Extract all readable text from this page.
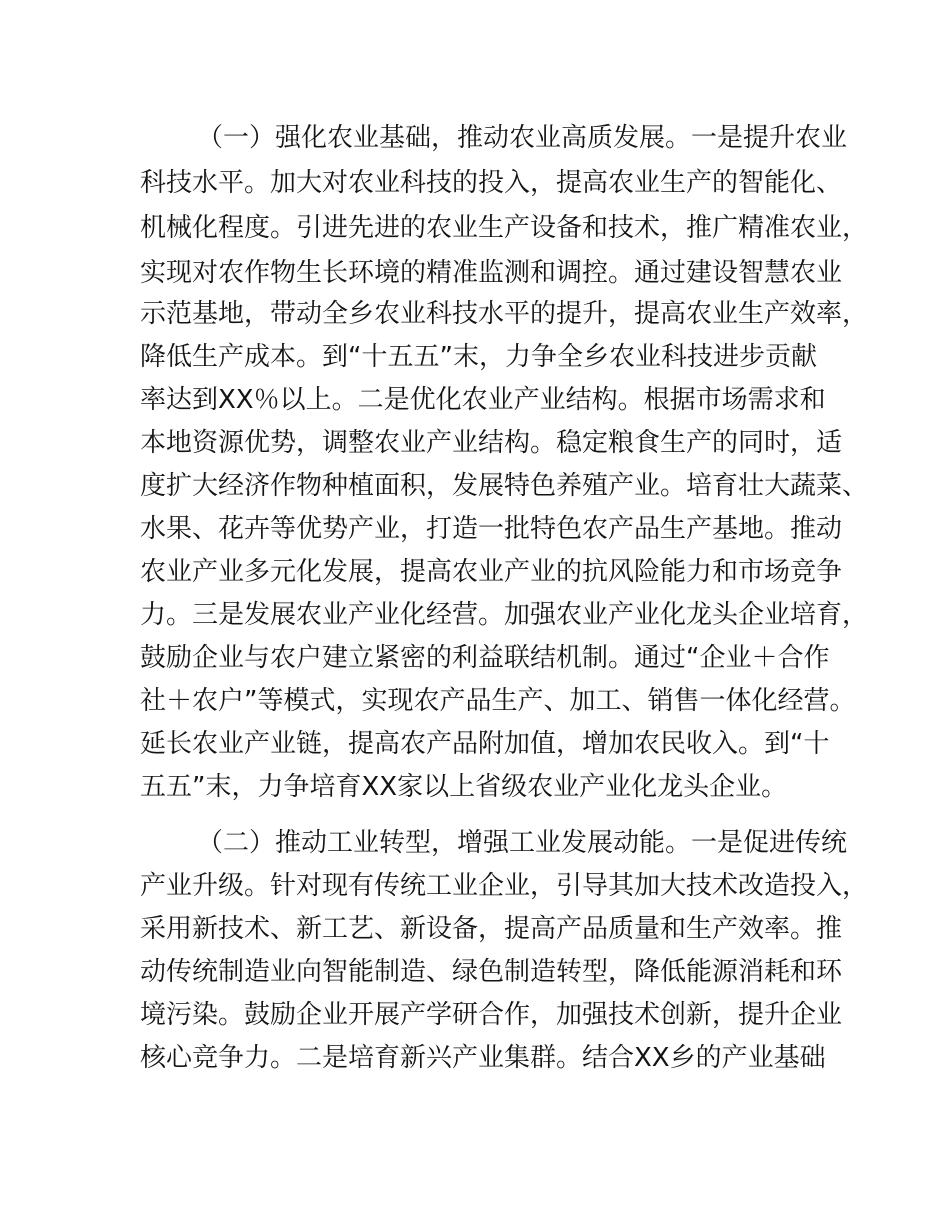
（一）强化农业基础，推动农业高质发展。一是提升农业
科技水平。加大对农业科技的投入，提高农业生产的智能化、
机械化程度。引进先进的农业生产设备和技术，推广精准农业，
实现对农作物生长环境的精准监测和调控。通过建设智慧农业
示范基地，带动全乡农业科技水平的提升，提高农业生产效率，
降低生产成本。到“十五五”末，力争全乡农业科技进步贡献
率达到XX％以上。二是优化农业产业结构。根据市场需求和
本地资源优势，调整农业产业结构。稳定粮食生产的同时，适
度扩大经济作物种植面积，发展特色养殖产业。培育壮大蔬菜、
水果、花卉等优势产业，打造一批特色农产品生产基地。推动
农业产业多元化发展，提高农业产业的抗风险能力和市场竞争
力。三是发展农业产业化经营。加强农业产业化龙头企业培育，
鼓励企业与农户建立紧密的利益联结机制。通过“企业＋合作
社＋农户”等模式，实现农产品生产、加工、销售一体化经营。
延长农业产业链，提高农产品附加值，增加农民收入。到“十
五五”末，力争培育XX家以上省级农业产业化龙头企业。
（二）推动工业转型，增强工业发展动能。一是促进传统
产业升级。针对现有传统工业企业，引导其加大技术改造投入，
采用新技术、新工艺、新设备，提高产品质量和生产效率。推
动传统制造业向智能制造、绿色制造转型，降低能源消耗和环
境污染。鼓励企业开展产学研合作，加强技术创新，提升企业
核心竞争力。二是培育新兴产业集群。结合XX乡的产业基础
